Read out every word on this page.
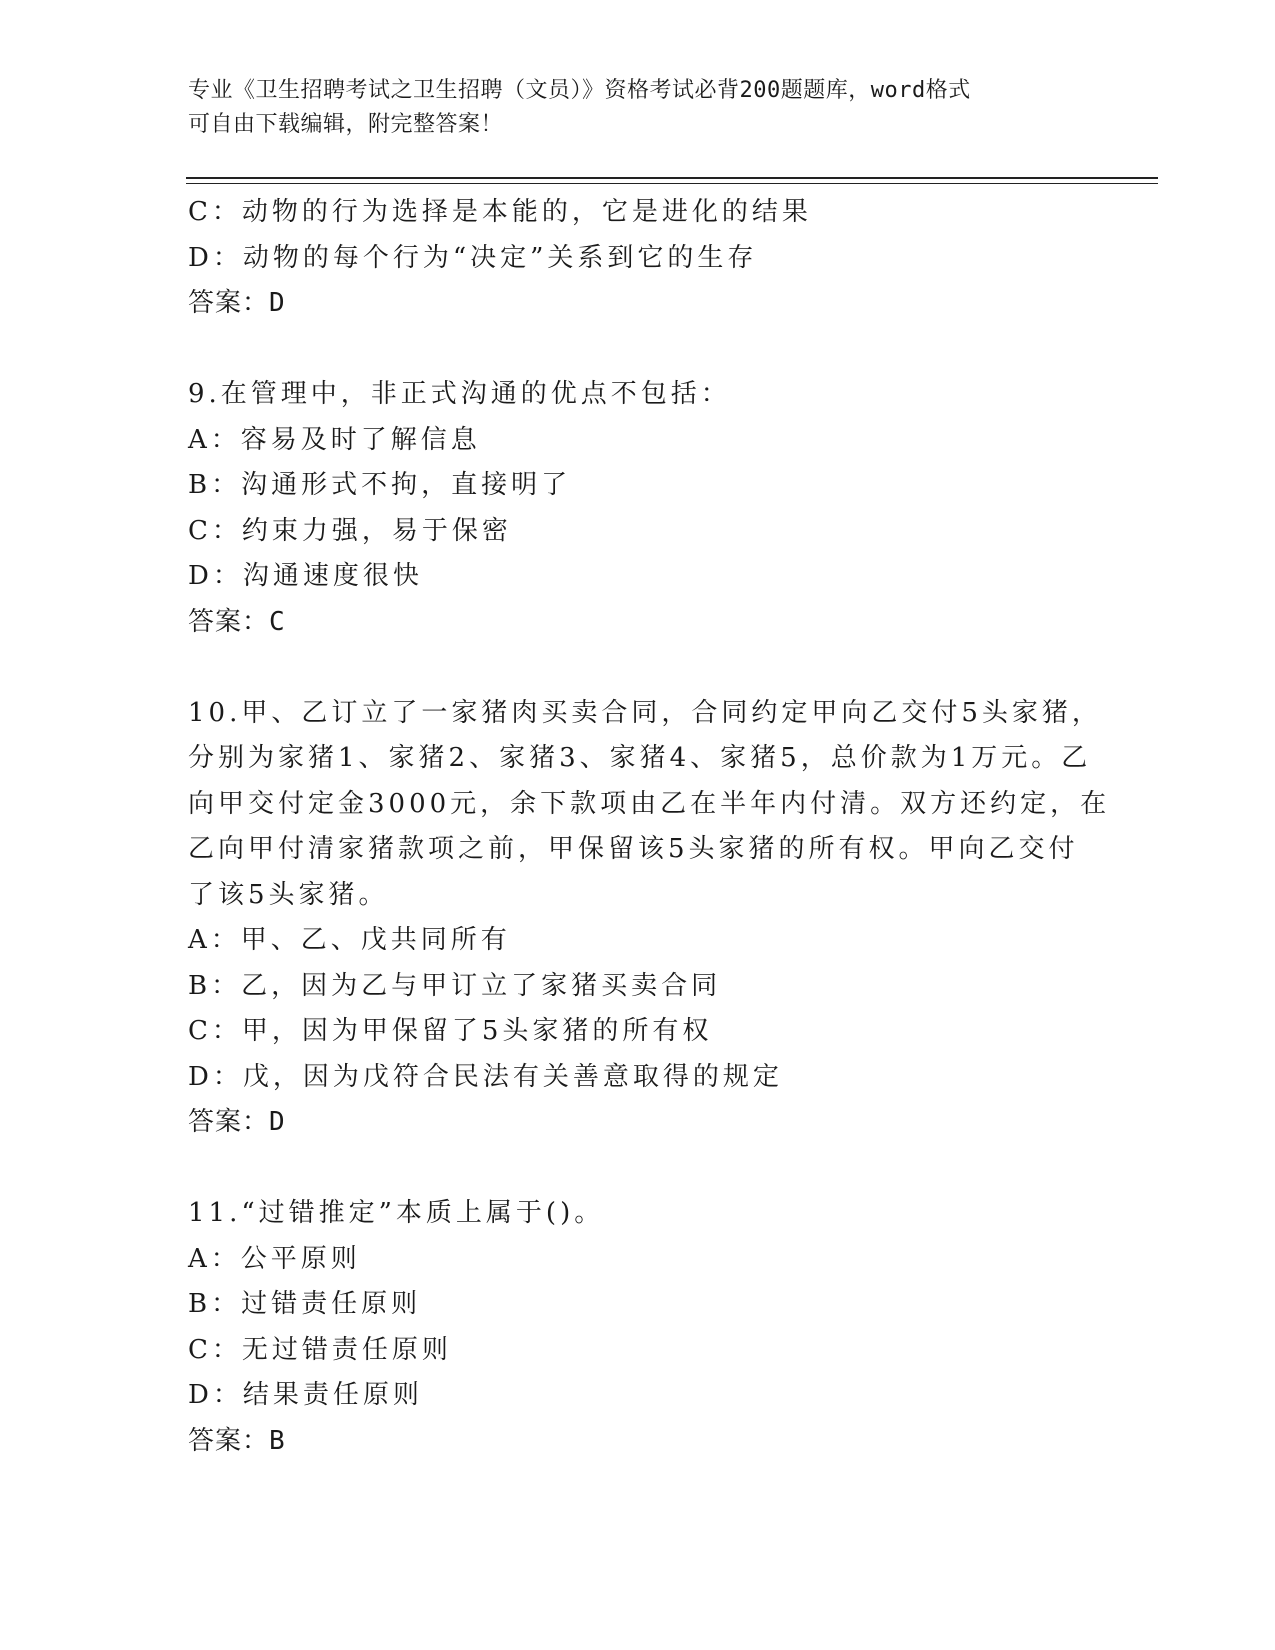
专业《卫生招聘考试之卫生招聘（文员）》资格考试必背200题题库，word格式
可自由下载编辑，附完整答案！
C：动物的行为选择是本能的，它是进化的结果
D：动物的每个行为“决定”关系到它的生存
答案：D
9.在管理中，非正式沟通的优点不包括：
A：容易及时了解信息
B：沟通形式不拘，直接明了
C：约束力强，易于保密
D：沟通速度很快
答案：C
10.甲、乙订立了一家猪肉买卖合同，合同约定甲向乙交付5头家猪，
分别为家猪1、家猪2、家猪3、家猪4、家猪5，总价款为1万元。乙
向甲交付定金3000元，余下款项由乙在半年内付清。双方还约定，在
乙向甲付清家猪款项之前，甲保留该5头家猪的所有权。甲向乙交付
了该5头家猪。
A：甲、乙、戊共同所有
B：乙，因为乙与甲订立了家猪买卖合同
C：甲，因为甲保留了5头家猪的所有权
D：戊，因为戊符合民法有关善意取得的规定
答案：D
11.“过错推定”本质上属于()。
A：公平原则
B：过错责任原则
C：无过错责任原则
D：结果责任原则
答案：B
